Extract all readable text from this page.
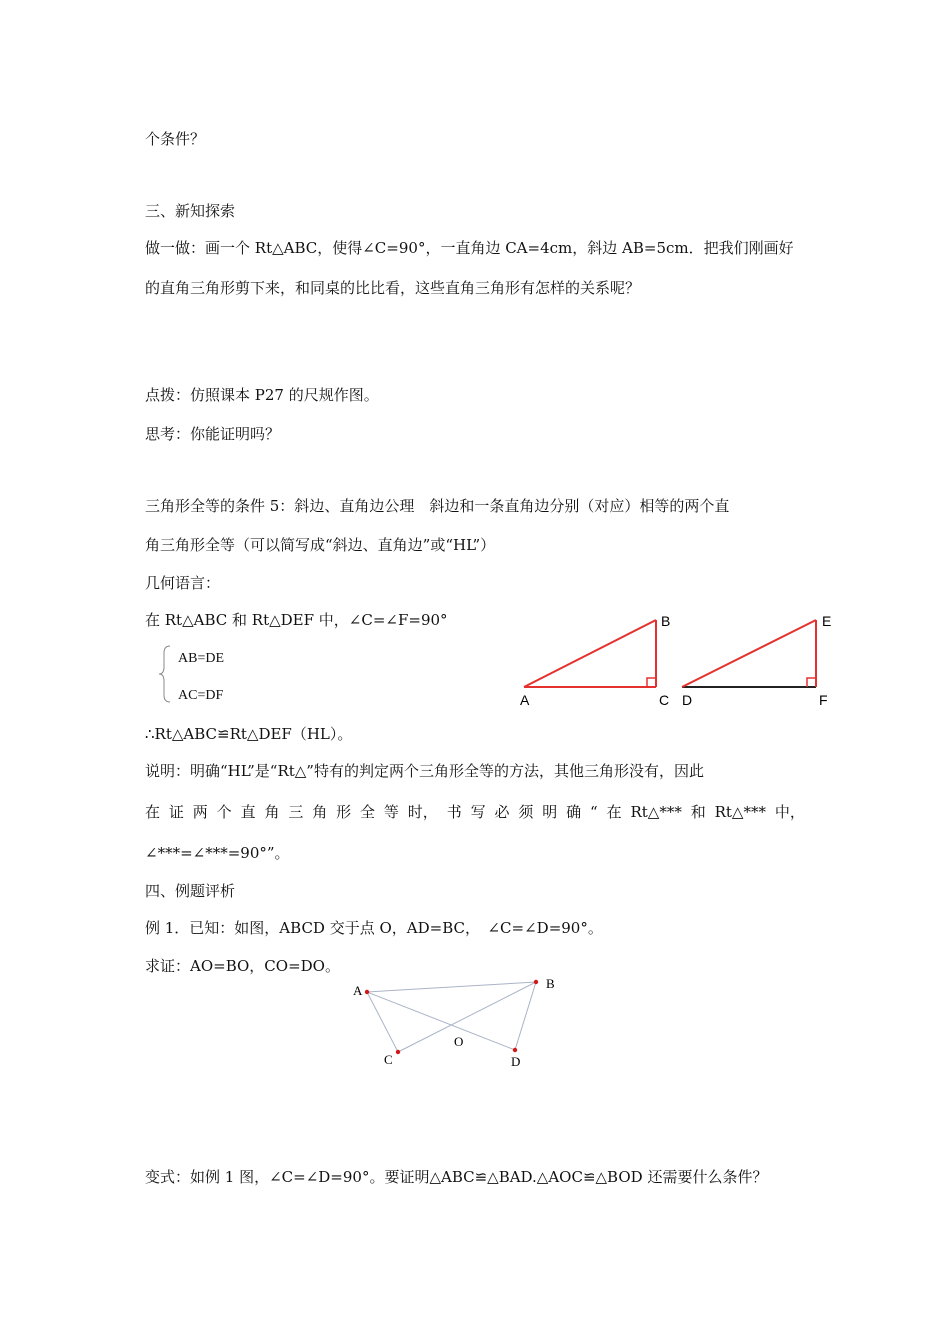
个条件？
三、新知探索
做一做：画一个 Rt△ABC，使得∠C=90°，一直角边 CA=4cm，斜边 AB=5cm．把我们刚画好
的直角三角形剪下来，和同桌的比比看，这些直角三角形有怎样的关系呢？
点拨：仿照课本 P27 的尺规作图。
思考：你能证明吗？
三角形全等的条件 5：斜边、直角边公理　斜边和一条直角边分别（对应）相等的两个直
角三角形全等（可以简写成“斜边、直角边”或“HL”）
几何语言：
在 Rt△ABC 和 Rt△DEF 中，∠C=∠F=90°
AB=DE
AC=DF	A
B
C D
E
F
∴Rt△ABC≌Rt△DEF（HL）。
说明：明确“HL”是“Rt△”特有的判定两个三角形全等的方法，其他三角形没有，因此
在 证 两 个 直 角 三 角 形 全 等 时， 书 写 必 须 明 确 “ 在 Rt△*** 和 Rt△*** 中，
∠***=∠***=90°”。
四、例题评析
例 1．已知：如图，ABCD 交于点 O，AD=BC，　∠C=∠D=90°。
求证：AO=BO，CO=DO。
A	B
C	D
O
变式：如例 1 图，∠C=∠D=90°。要证明△ABC≌△BAD.△AOC≌△BOD 还需要什么条件？
